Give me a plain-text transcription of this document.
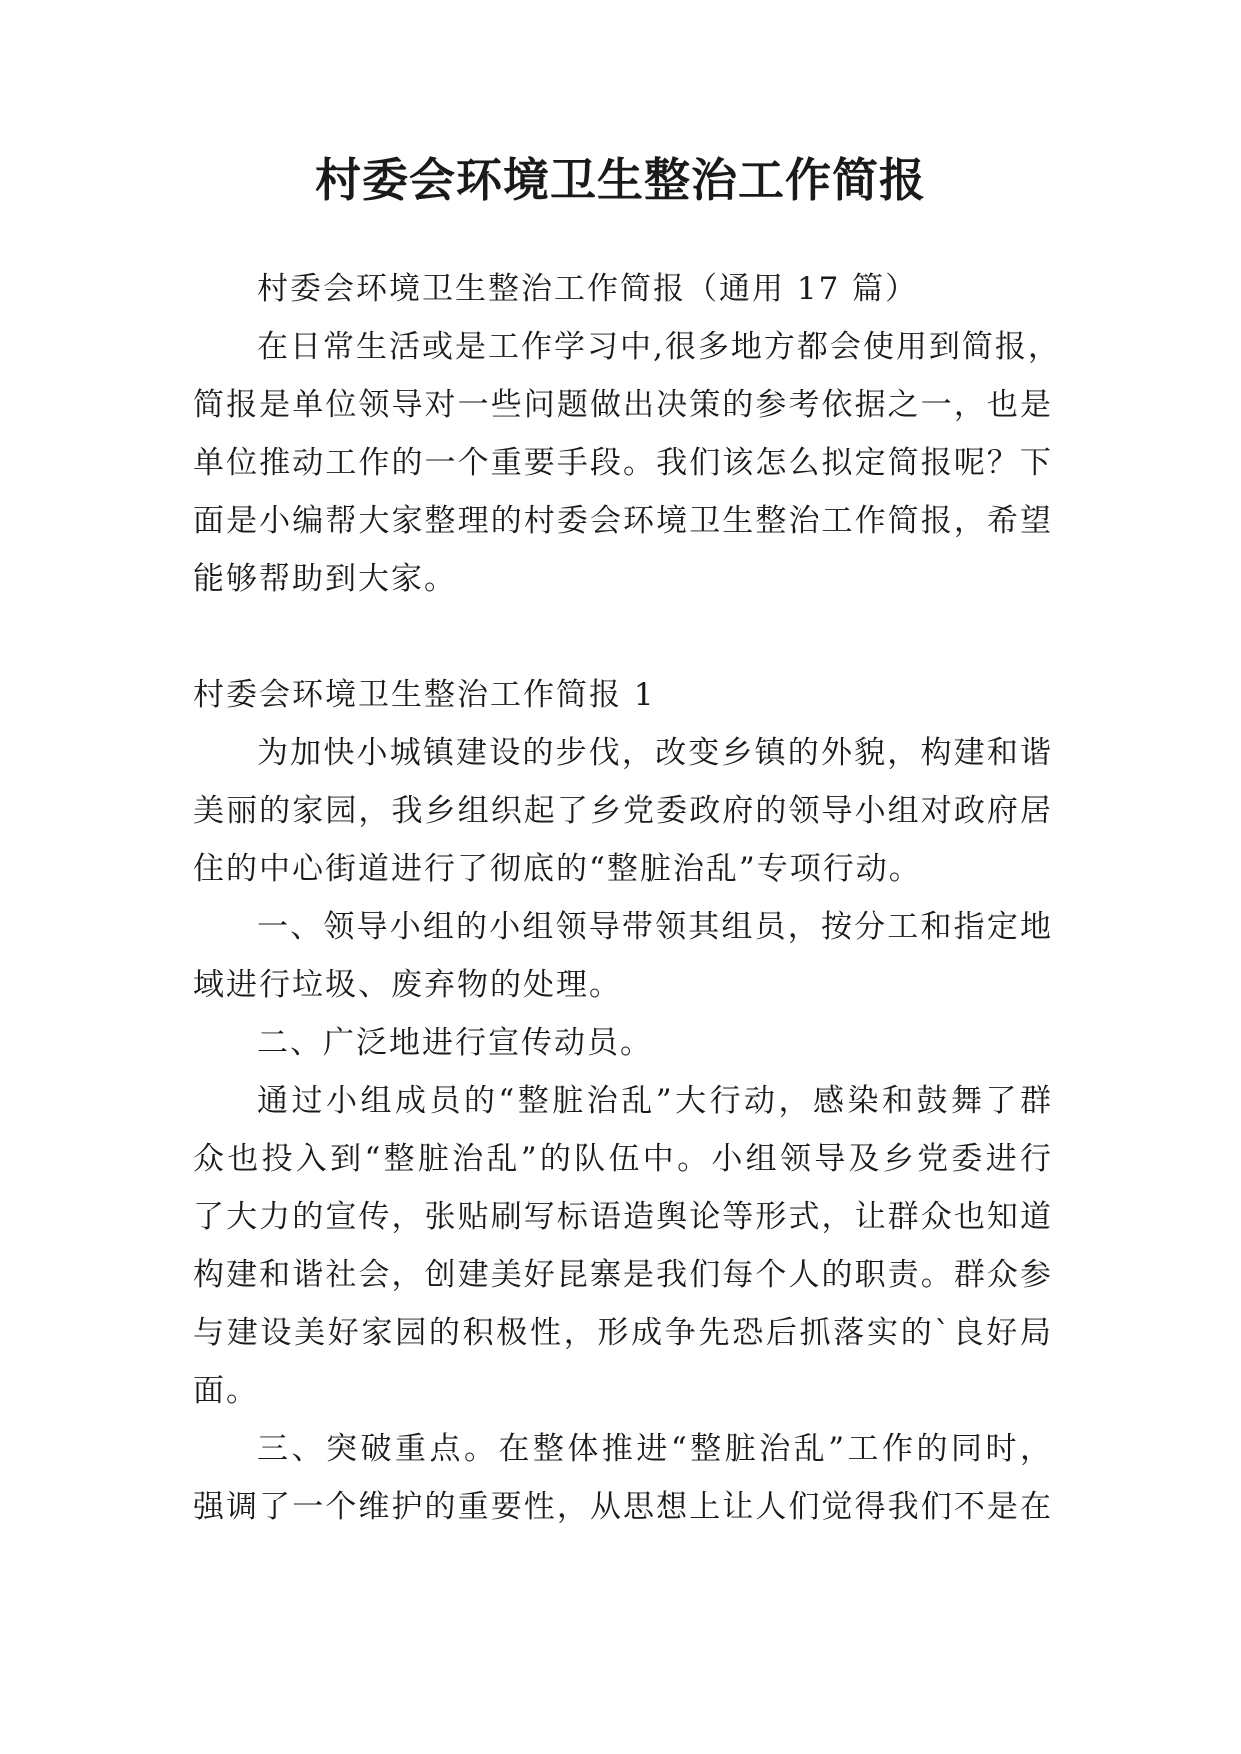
村委会环境卫生整治工作简报

村委会环境卫生整治工作简报（通用 17 篇）

在日常生活或是工作学习中,很多地方都会使用到简报，

简报是单位领导对一些问题做出决策的参考依据之一，也是

单位推动工作的一个重要手段。我们该怎么拟定简报呢？下

面是小编帮大家整理的村委会环境卫生整治工作简报，希望

能够帮助到大家。

村委会环境卫生整治工作简报 1

为加快小城镇建设的步伐，改变乡镇的外貌，构建和谐

美丽的家园，我乡组织起了乡党委政府的领导小组对政府居

住的中心街道进行了彻底的“整脏治乱”专项行动。

一、领导小组的小组领导带领其组员，按分工和指定地

域进行垃圾、废弃物的处理。

二、广泛地进行宣传动员。

通过小组成员的“整脏治乱”大行动，感染和鼓舞了群

众也投入到“整脏治乱”的队伍中。小组领导及乡党委进行

了大力的宣传，张贴刷写标语造舆论等形式，让群众也知道

构建和谐社会，创建美好昆寨是我们每个人的职责。群众参

与建设美好家园的积极性，形成争先恐后抓落实的`良好局

面。

三、突破重点。在整体推进“整脏治乱”工作的同时，

强调了一个维护的重要性，从思想上让人们觉得我们不是在
